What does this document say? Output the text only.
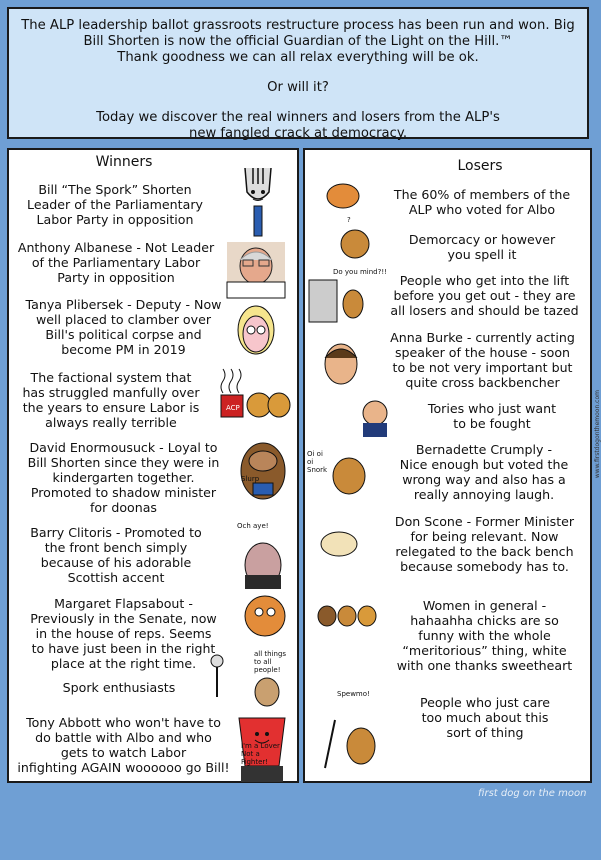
The ALP leadership ballot grassroots restructure process has been run and won. Big

Bill Shorten is now the official Guardian of the Light on the Hill.™

Thank goodness we can all relax everything will be ok.

Or will it?

Today we discover the real winners and losers from the ALP's

new fangled crack at democracy.

Winners
Bill “The Spork” Shorten
Leader of the Parliamentary
Labor Party in opposition
Anthony Albanese - Not Leader
of the Parliamentary Labor
Party in opposition
Tanya Plibersek - Deputy - Now
well placed to clamber over
Bill's political corpse and
become PM in 2019
The factional system that
has struggled manfully over
the years to ensure Labor is
always really terrible
David Enormousuck - Loyal to
Bill Shorten since they were in
kindergarten together.
Promoted to shadow minister
for doonas
Barry Clitoris - Promoted to
the front bench simply
because of his adorable
Scottish accent
Margaret Flapsabout -
Previously in the Senate, now
in the house of reps. Seems
to have just been in the right
place at the right time.
Spork enthusiasts
Tony Abbott who won't have to
do battle with Albo and who
gets to watch Labor
infighting AGAIN woooooo go Bill!
ACP
Slurp
Och aye!
all things
to all people!
I'm a Lover
Not a
Fighter!
Losers
The 60% of members of the
ALP who voted for Albo
Demorcacy or however
you spell it
People who get into the lift
before you get out - they are
all losers and should be tazed
Anna Burke - currently acting
speaker of the house - soon
to be not very important but
quite cross backbencher
Tories who just want
to be fought
Bernadette Crumply -
Nice enough but voted the
wrong way and also has a
really annoying laugh.
Don Scone - Former Minister
for being relevant. Now
relegated to the back bench
because somebody has to.
Women in general -
hahaahha chicks are so
funny with the whole
“meritorious” thing, white
with one thanks sweetheart
People who just care
too much about this
sort of thing
?
Do you mind?!!
Oi oi oi Snork
Spewmo!
first dog on the moon
www.firstdogonthemoon.com
